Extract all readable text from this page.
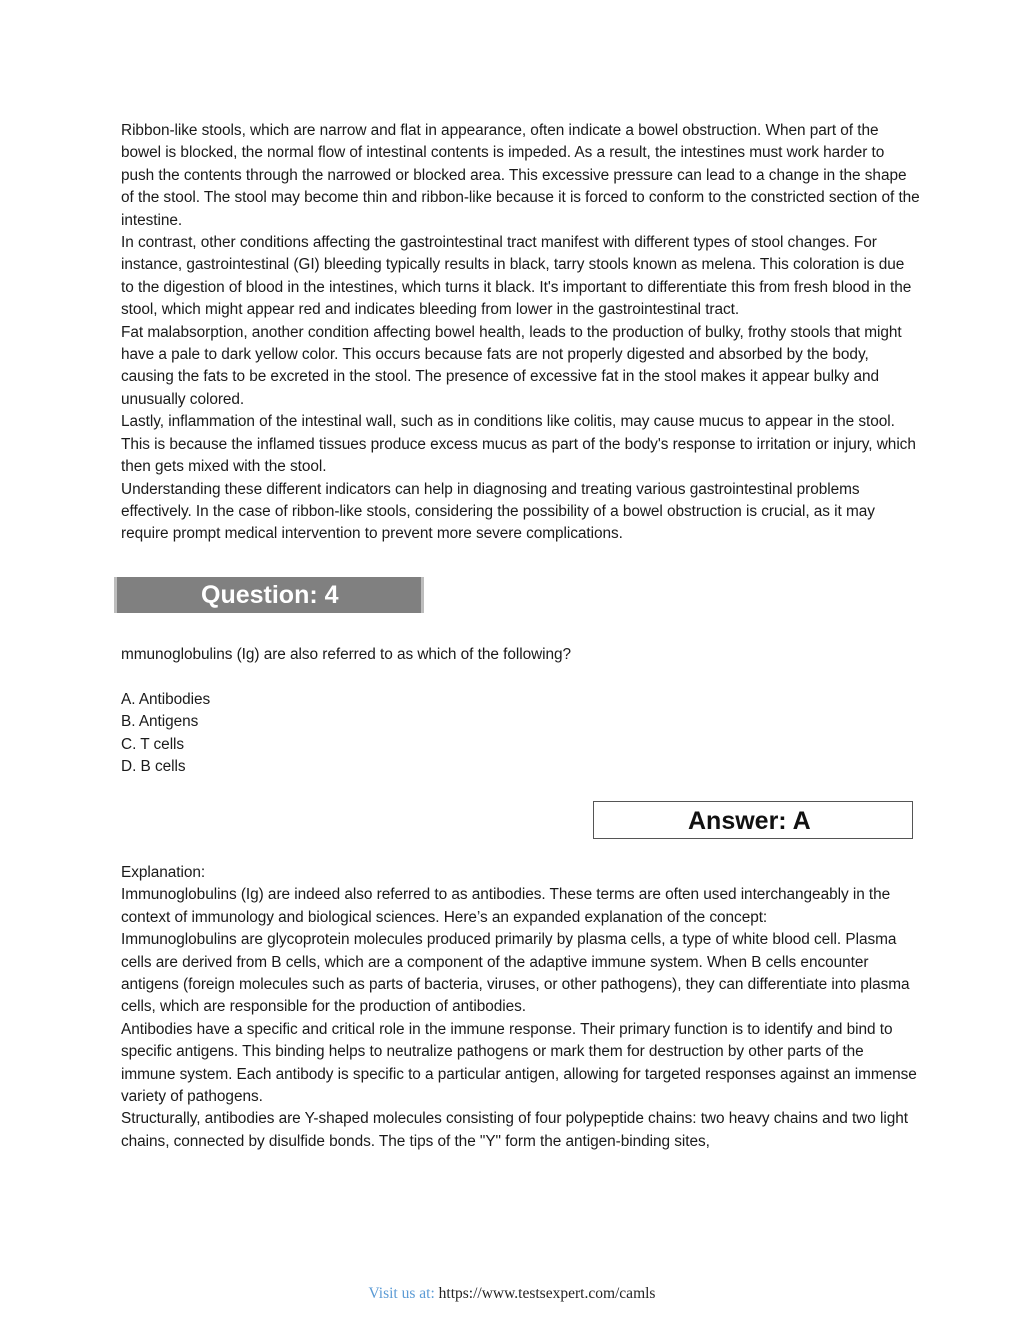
Ribbon-like stools, which are narrow and flat in appearance, often indicate a bowel obstruction. When part of the bowel is blocked, the normal flow of intestinal contents is impeded. As a result, the intestines must work harder to push the contents through the narrowed or blocked area. This excessive pressure can lead to a change in the shape of the stool. The stool may become thin and ribbon-like because it is forced to conform to the constricted section of the intestine.

In contrast, other conditions affecting the gastrointestinal tract manifest with different types of stool changes. For instance, gastrointestinal (GI) bleeding typically results in black, tarry stools known as melena. This coloration is due to the digestion of blood in the intestines, which turns it black. It's important to differentiate this from fresh blood in the stool, which might appear red and indicates bleeding from lower in the gastrointestinal tract.

Fat malabsorption, another condition affecting bowel health, leads to the production of bulky, frothy stools that might have a pale to dark yellow color. This occurs because fats are not properly digested and absorbed by the body, causing the fats to be excreted in the stool. The presence of excessive fat in the stool makes it appear bulky and unusually colored.

Lastly, inflammation of the intestinal wall, such as in conditions like colitis, may cause mucus to appear in the stool. This is because the inflamed tissues produce excess mucus as part of the body's response to irritation or injury, which then gets mixed with the stool.

Understanding these different indicators can help in diagnosing and treating various gastrointestinal problems effectively. In the case of ribbon-like stools, considering the possibility of a bowel obstruction is crucial, as it may require prompt medical intervention to prevent more severe complications.

Question: 4

mmunoglobulins (Ig) are also referred to as which of the following?

A. Antibodies

B. Antigens

C. T cells

D. B cells

Answer: A

Explanation:

Immunoglobulins (Ig) are indeed also referred to as antibodies. These terms are often used interchangeably in the context of immunology and biological sciences. Here’s an expanded explanation of the concept:

Immunoglobulins are glycoprotein molecules produced primarily by plasma cells, a type of white blood cell. Plasma cells are derived from B cells, which are a component of the adaptive immune system. When B cells encounter antigens (foreign molecules such as parts of bacteria, viruses, or other pathogens), they can differentiate into plasma cells, which are responsible for the production of antibodies.

Antibodies have a specific and critical role in the immune response. Their primary function is to identify and bind to specific antigens. This binding helps to neutralize pathogens or mark them for destruction by other parts of the immune system. Each antibody is specific to a particular antigen, allowing for targeted responses against an immense variety of pathogens.

Structurally, antibodies are Y-shaped molecules consisting of four polypeptide chains: two heavy chains and two light chains, connected by disulfide bonds. The tips of the "Y" form the antigen-binding sites,

Visit us at: https://www.testsexpert.com/camls
